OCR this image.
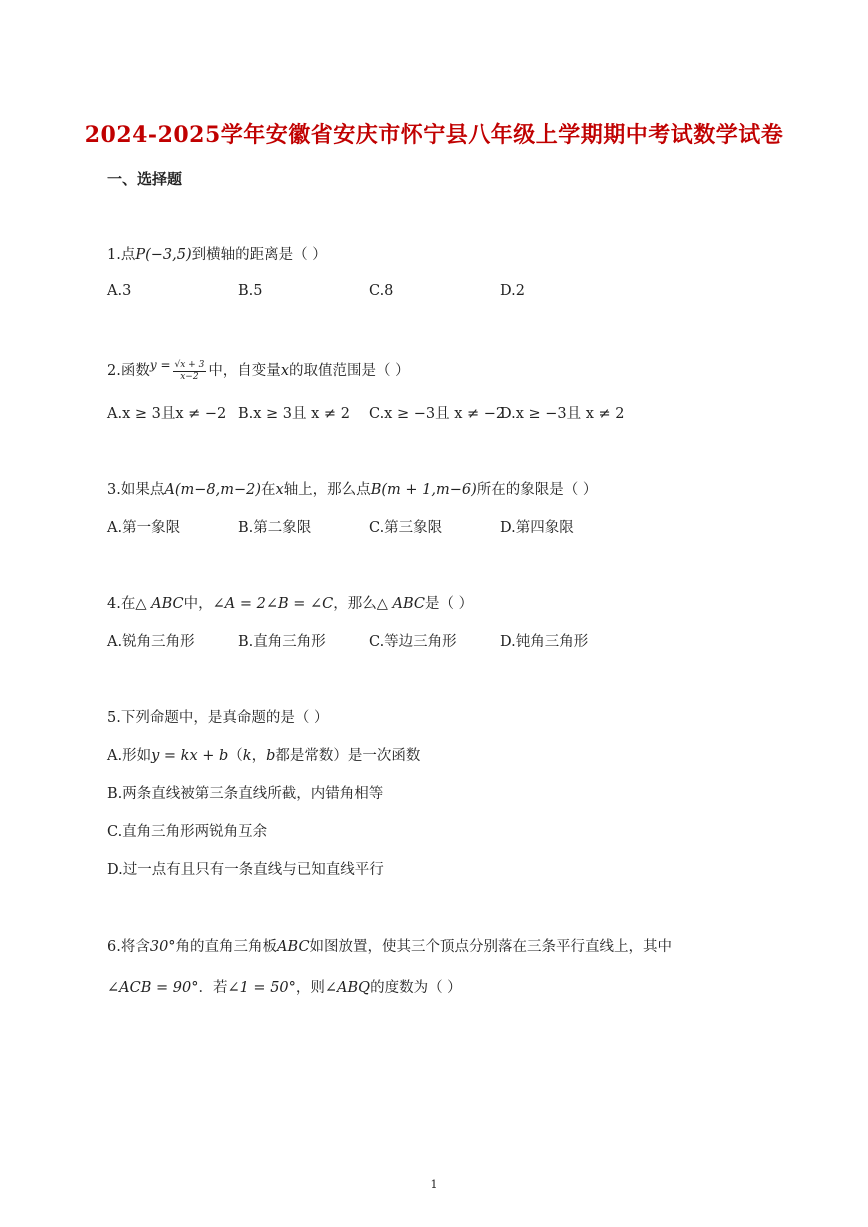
2024-2025学年安徽省安庆市怀宁县八年级上学期期中考试数学试卷
一、选择题
1.点P(−3,5)到横轴的距离是（ ）
A.3	B.5	C.8	D.2
2.函数$^{y =} \frac{√x + 3}{x-2}$ 中，自变量x的取值范围是（ ）
A.x ≥ 3且x ≠ −2 B.x ≥ 3且 x ≠ 2 C.x ≥ −3且 x ≠ −2
D.x ≥ −3且 x ≠ 2
3.如果点A(m−8,m−2)在x轴上，那么点B(m + 1,m−6)所在的象限是（ ）
A.第一象限	B.第二象限	C.第三象限	D.第四象限
4.在△ ABC中，∠A = 2∠B = ∠C，那么△ ABC是（ ）
A.锐角三角形	B.直角三角形	C.等边三角形	D.钝角三角形
5.下列命题中，是真命题的是（ ）
A.形如y = kx + b（k，b都是常数）是一次函数
B.两条直线被第三条直线所截，内错角相等
C.直角三角形两锐角互余
D.过一点有且只有一条直线与已知直线平行
6.将含30°角的直角三角板ABC如图放置，使其三个顶点分别落在三条平行直线上，其中
∠ACB = 90°．若∠1 = 50°，则∠ABQ的度数为（ ）
1
